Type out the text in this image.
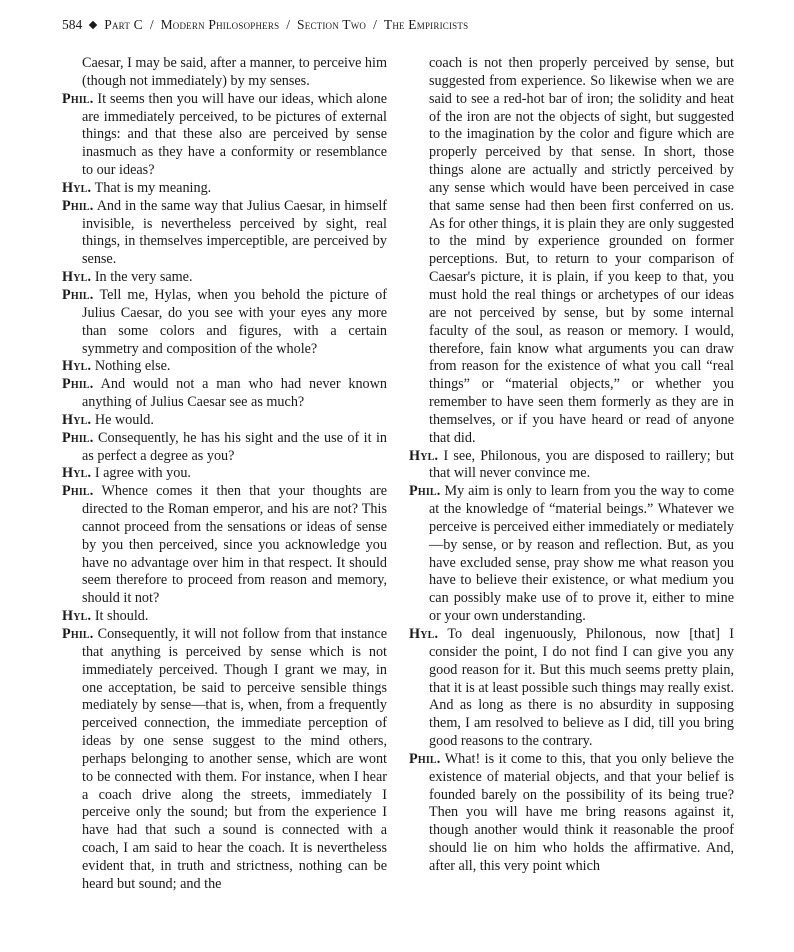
584 Part C / Modern Philosophers / Section Two / The Empiricists
Caesar, I may be said, after a manner, to perceive him (though not immediately) by my senses.
Phil. It seems then you will have our ideas, which alone are immediately perceived, to be pictures of external things: and that these also are perceived by sense inasmuch as they have a conformity or resemblance to our ideas?
Hyl. That is my meaning.
Phil. And in the same way that Julius Caesar, in himself invisible, is nevertheless perceived by sight, real things, in themselves imperceptible, are perceived by sense.
Hyl. In the very same.
Phil. Tell me, Hylas, when you behold the picture of Julius Caesar, do you see with your eyes any more than some colors and figures, with a certain symmetry and composition of the whole?
Hyl. Nothing else.
Phil. And would not a man who had never known anything of Julius Caesar see as much?
Hyl. He would.
Phil. Consequently, he has his sight and the use of it in as perfect a degree as you?
Hyl. I agree with you.
Phil. Whence comes it then that your thoughts are directed to the Roman emperor, and his are not? This cannot proceed from the sensations or ideas of sense by you then perceived, since you acknowledge you have no advantage over him in that respect. It should seem therefore to proceed from reason and memory, should it not?
Hyl. It should.
Phil. Consequently, it will not follow from that instance that anything is perceived by sense which is not immediately perceived. Though I grant we may, in one acceptation, be said to perceive sensible things mediately by sense—that is, when, from a frequently perceived connection, the immediate perception of ideas by one sense suggest to the mind others, perhaps belonging to another sense, which are wont to be connected with them. For instance, when I hear a coach drive along the streets, immediately I perceive only the sound; but from the experience I have had that such a sound is connected with a coach, I am said to hear the coach. It is nevertheless evident that, in truth and strictness, nothing can be heard but sound; and the
coach is not then properly perceived by sense, but suggested from experience. So likewise when we are said to see a red-hot bar of iron; the solidity and heat of the iron are not the objects of sight, but suggested to the imagination by the color and figure which are properly perceived by that sense. In short, those things alone are actually and strictly perceived by any sense which would have been perceived in case that same sense had then been first conferred on us. As for other things, it is plain they are only suggested to the mind by experience grounded on former perceptions. But, to return to your comparison of Caesar's picture, it is plain, if you keep to that, you must hold the real things or archetypes of our ideas are not perceived by sense, but by some internal faculty of the soul, as reason or memory. I would, therefore, fain know what arguments you can draw from reason for the existence of what you call “real things” or “material objects,” or whether you remember to have seen them formerly as they are in themselves, or if you have heard or read of anyone that did.
Hyl. I see, Philonous, you are disposed to raillery; but that will never convince me.
Phil. My aim is only to learn from you the way to come at the knowledge of “material beings.” Whatever we perceive is perceived either immediately or mediately—by sense, or by reason and reflection. But, as you have excluded sense, pray show me what reason you have to believe their existence, or what medium you can possibly make use of to prove it, either to mine or your own understanding.
Hyl. To deal ingenuously, Philonous, now [that] I consider the point, I do not find I can give you any good reason for it. But this much seems pretty plain, that it is at least possible such things may really exist. And as long as there is no absurdity in supposing them, I am resolved to believe as I did, till you bring good reasons to the contrary.
Phil. What! is it come to this, that you only believe the existence of material objects, and that your belief is founded barely on the possibility of its being true? Then you will have me bring reasons against it, though another would think it reasonable the proof should lie on him who holds the affirmative. And, after all, this very point which
